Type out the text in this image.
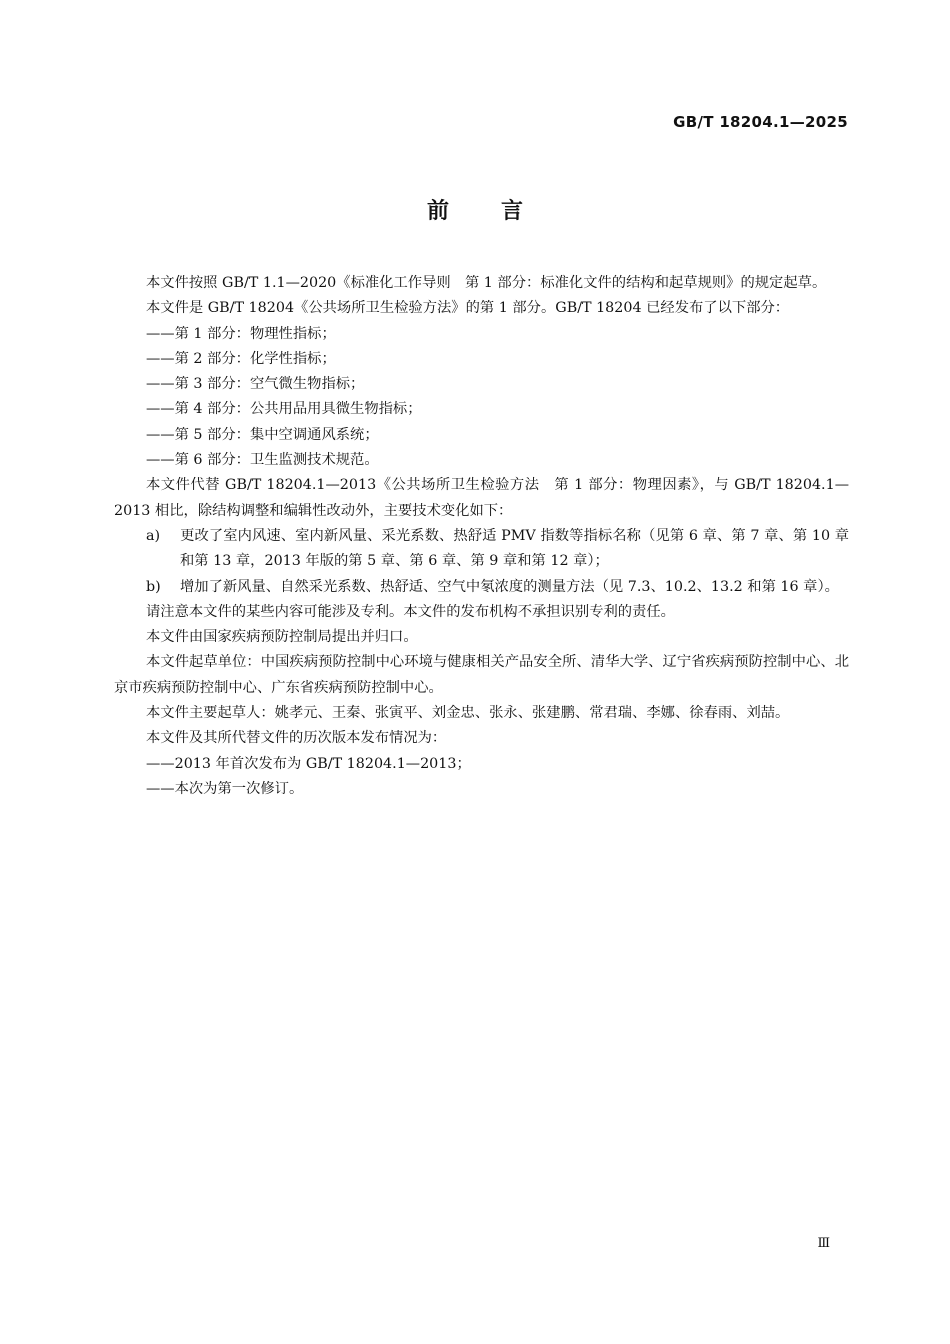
GB/T 18204.1—2025
前言

本文件按照 GB/T 1.1—2020《标准化工作导则　第 1 部分：标准化文件的结构和起草规则》的规定起草。

本文件是 GB/T 18204《公共场所卫生检验方法》的第 1 部分。GB/T 18204 已经发布了以下部分：

——第 1 部分：物理性指标；

——第 2 部分：化学性指标；

——第 3 部分：空气微生物指标；

——第 4 部分：公共用品用具微生物指标；

——第 5 部分：集中空调通风系统；

——第 6 部分：卫生监测技术规范。

本文件代替 GB/T 18204.1—2013《公共场所卫生检验方法　第 1 部分：物理因素》，与 GB/T 18204.1—2013 相比，除结构调整和编辑性改动外，主要技术变化如下：

a) 更改了室内风速、室内新风量、采光系数、热舒适 PMV 指数等指标名称（见第 6 章、第 7 章、第 10 章和第 13 章，2013 年版的第 5 章、第 6 章、第 9 章和第 12 章）；

b) 增加了新风量、自然采光系数、热舒适、空气中氡浓度的测量方法（见 7.3、10.2、13.2 和第 16 章）。

请注意本文件的某些内容可能涉及专利。本文件的发布机构不承担识别专利的责任。

本文件由国家疾病预防控制局提出并归口。

本文件起草单位：中国疾病预防控制中心环境与健康相关产品安全所、清华大学、辽宁省疾病预防控制中心、北京市疾病预防控制中心、广东省疾病预防控制中心。

本文件主要起草人：姚孝元、王秦、张寅平、刘金忠、张永、张建鹏、常君瑞、李娜、徐春雨、刘喆。

本文件及其所代替文件的历次版本发布情况为：

——2013 年首次发布为 GB/T 18204.1—2013；

——本次为第一次修订。

Ⅲ
